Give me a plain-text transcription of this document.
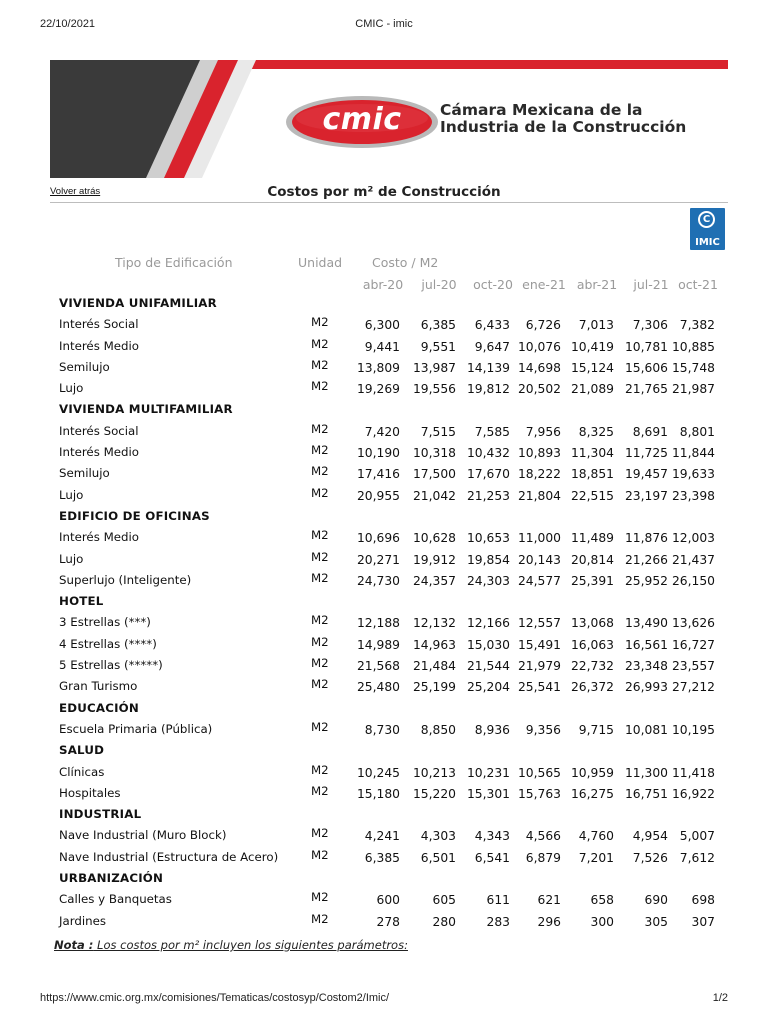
22/10/2021	CMIC - imic
cmic	Cámara Mexicana de la
Industria de la Construcción
Volver atrás	Costos por m² de Construcción
C
IMIC
Tipo de Edificación	Unidad Costo / M2
abr-20	jul-20	oct-20 ene-21 abr-21	jul-21 oct-21
VIVIENDA UNIFAMILIAR
Interés Social	M2	6,300	6,385	6,433	6,726	7,013	7,306 7,382
Interés Medio	M2	9,441	9,551	9,647 10,076 10,419 10,781 10,885
Semilujo	M2	13,809	13,987 14,139 14,698 15,124 15,606 15,748
Lujo	M2	19,269	19,556 19,812 20,502 21,089 21,765 21,987
VIVIENDA MULTIFAMILIAR
Interés Social	M2	7,420	7,515	7,585	7,956	8,325	8,691 8,801
Interés Medio	M2	10,190	10,318 10,432 10,893 11,304 11,725 11,844
Semilujo	M2	17,416	17,500 17,670 18,222 18,851 19,457 19,633
Lujo	M2	20,955	21,042 21,253 21,804 22,515 23,197 23,398
EDIFICIO DE OFICINAS
Interés Medio	M2	10,696	10,628 10,653 11,000 11,489 11,876 12,003
Lujo	M2	20,271	19,912 19,854 20,143 20,814 21,266 21,437
Superlujo (Inteligente)	M2	24,730	24,357 24,303 24,577 25,391 25,952 26,150
HOTEL
3 Estrellas (***)	M2	12,188	12,132 12,166 12,557 13,068 13,490 13,626
4 Estrellas (****)	M2	14,989	14,963 15,030 15,491 16,063 16,561 16,727
5 Estrellas (*****)	M2	21,568	21,484 21,544 21,979 22,732 23,348 23,557
Gran Turismo	M2	25,480	25,199 25,204 25,541 26,372 26,993 27,212
EDUCACIÓN
Escuela Primaria (Pública)	M2	8,730	8,850	8,936	9,356	9,715 10,081 10,195
SALUD
Clínicas	M2	10,245	10,213 10,231 10,565 10,959 11,300 11,418
Hospitales	M2	15,180	15,220 15,301 15,763 16,275 16,751 16,922
INDUSTRIAL
Nave Industrial (Muro Block)	M2	4,241	4,303	4,343	4,566	4,760	4,954 5,007
Nave Industrial (Estructura de Acero)	M2	6,385	6,501	6,541	6,879	7,201	7,526 7,612
URBANIZACIÓN
Calles y Banquetas	M2	600	605	611	621	658	690	698
Jardines	M2	278	280	283	296	300	305	307
Nota : Los costos por m² incluyen los siguientes parámetros:
https://www.cmic.org.mx/comisiones/Tematicas/costosyp/Costom2/Imic/	1/2
